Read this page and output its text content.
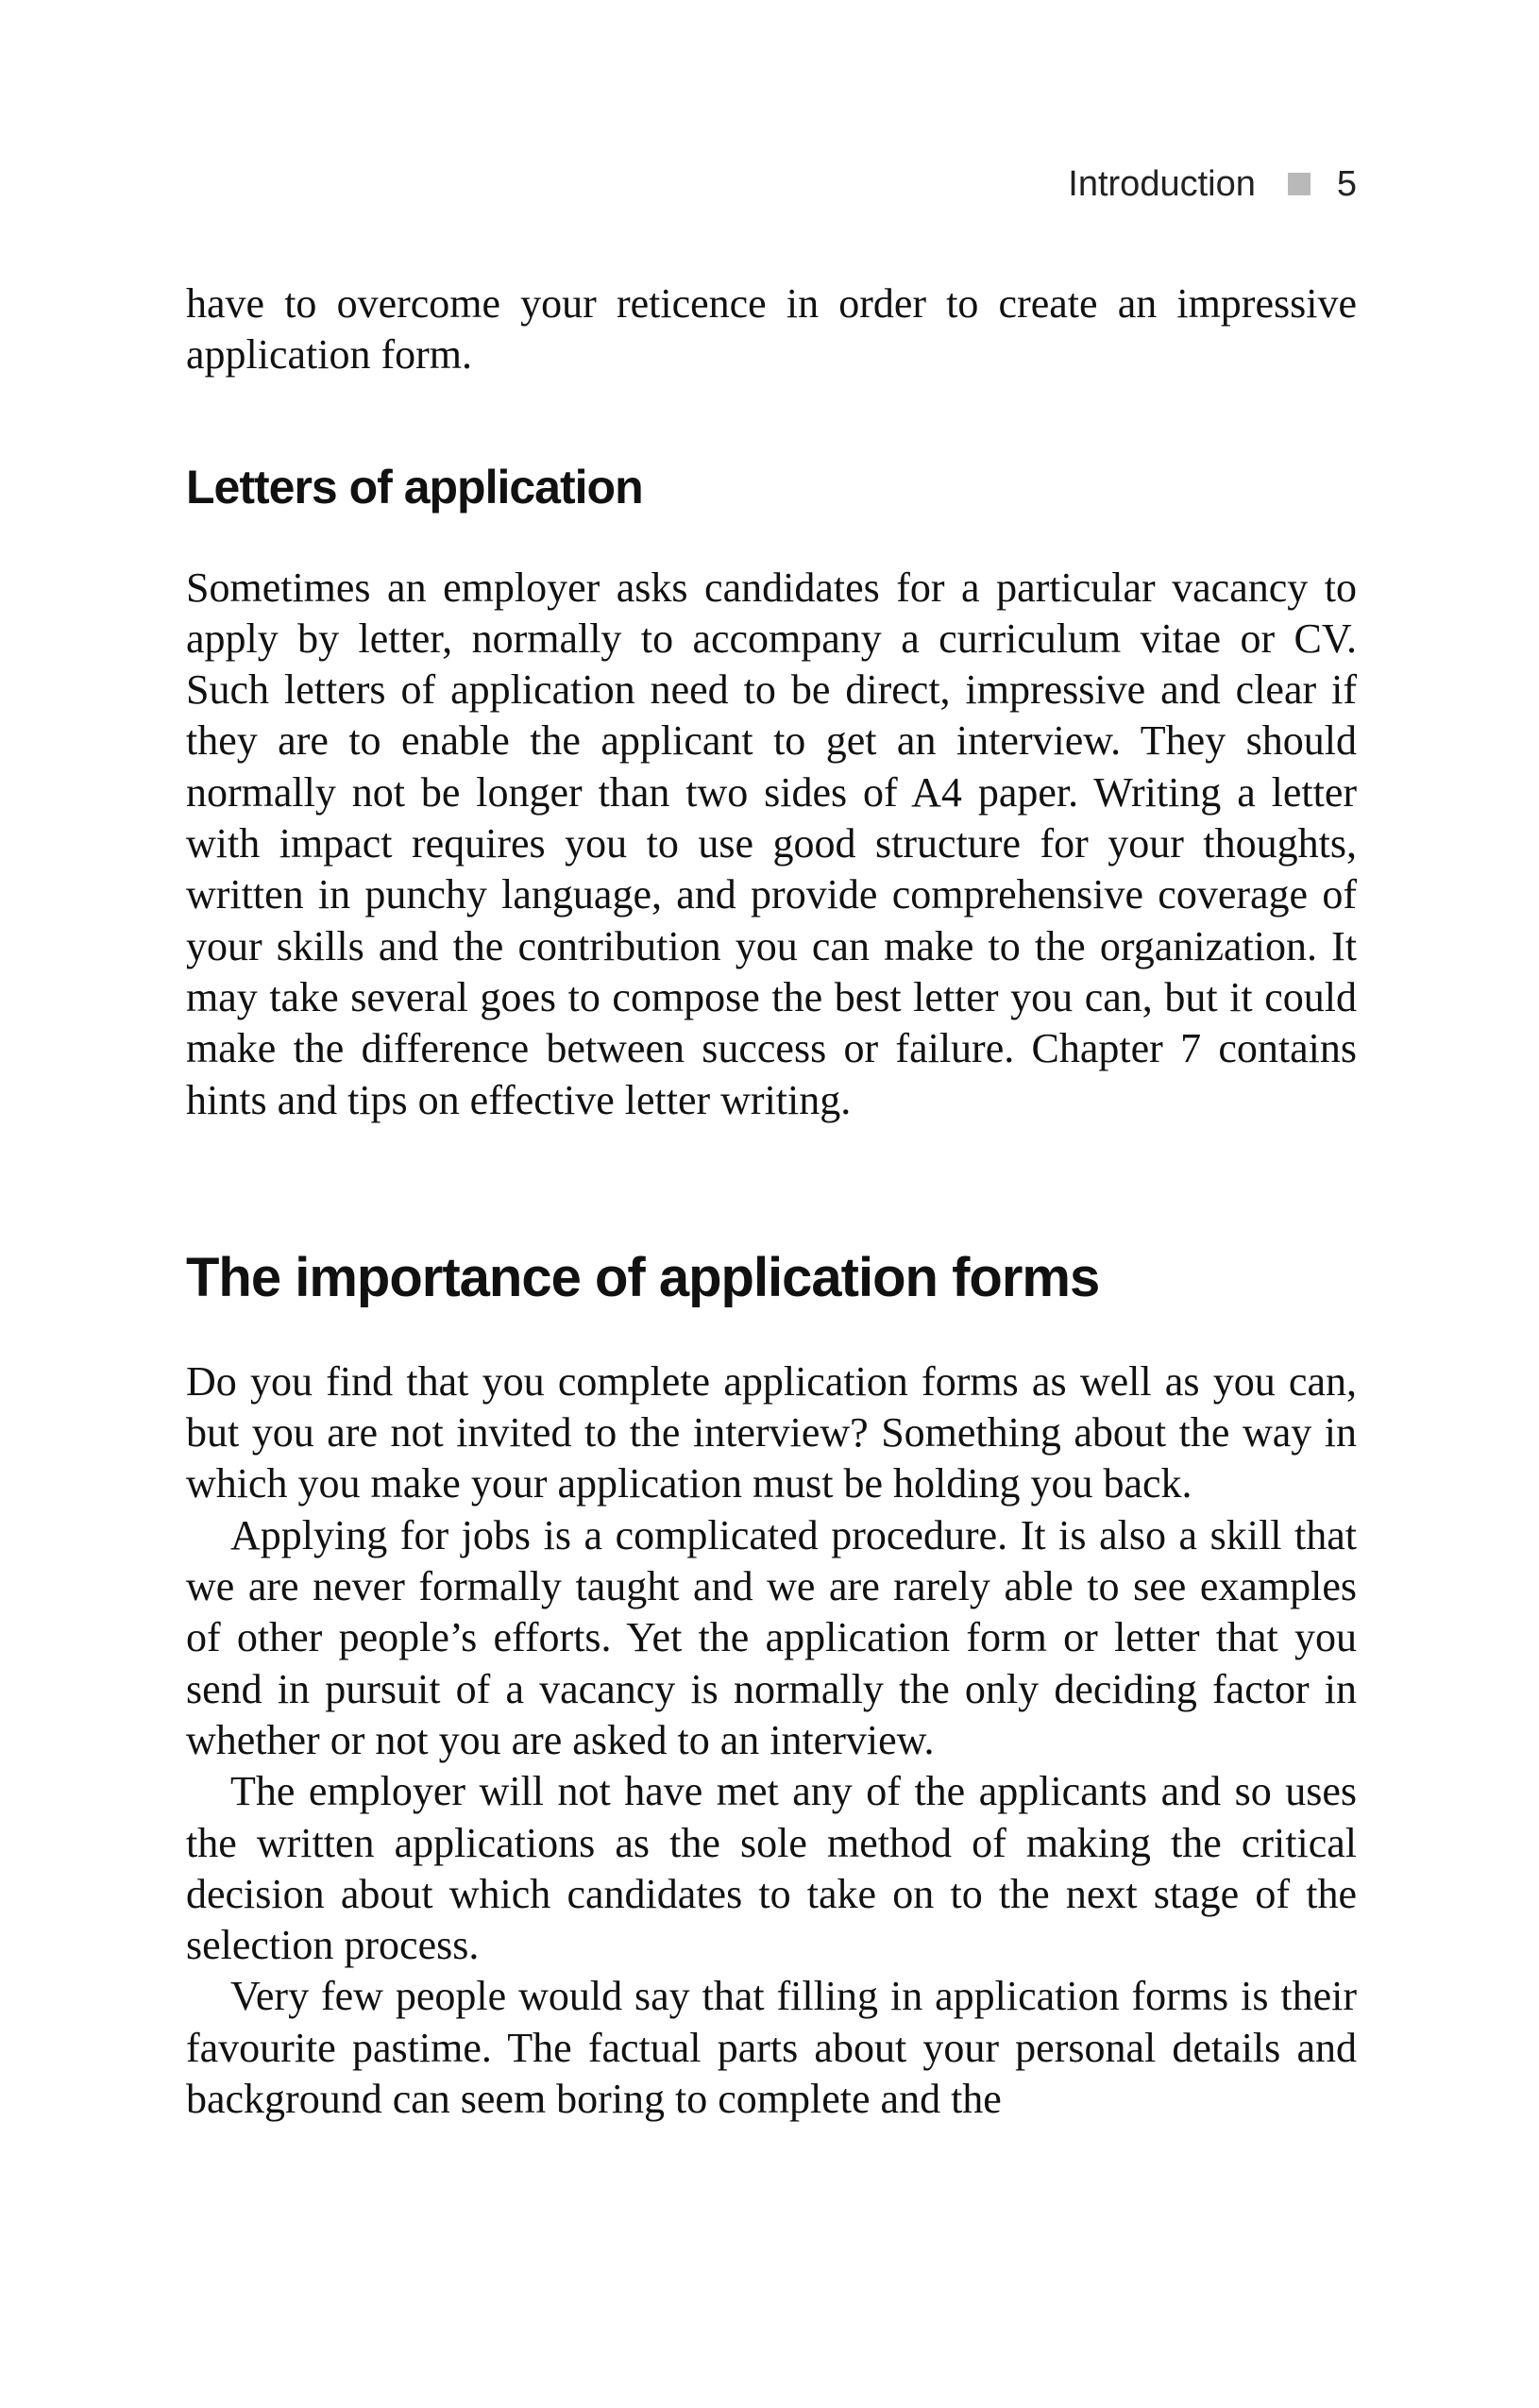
Introduction 5

have to overcome your reticence in order to create an impressive application form.

Letters of application

Sometimes an employer asks candidates for a particular vacancy to apply by letter, normally to accompany a curriculum vitae or CV. Such letters of application need to be direct, impressive and clear if they are to enable the applicant to get an interview. They should normally not be longer than two sides of A4 paper. Writing a letter with impact requires you to use good structure for your thoughts, written in punchy language, and provide comprehensive coverage of your skills and the contribution you can make to the organization. It may take several goes to compose the best letter you can, but it could make the difference between success or failure. Chapter 7 contains hints and tips on effective letter writing.

The importance of application forms

Do you find that you complete application forms as well as you can, but you are not invited to the interview? Something about the way in which you make your application must be holding you back.

Applying for jobs is a complicated procedure. It is also a skill that we are never formally taught and we are rarely able to see examples of other people’s efforts. Yet the application form or letter that you send in pursuit of a vacancy is normally the only deciding factor in whether or not you are asked to an interview.

The employer will not have met any of the applicants and so uses the written applications as the sole method of making the critical decision about which candidates to take on to the next stage of the selection process.

Very few people would say that filling in application forms is their favourite pastime. The factual parts about your personal details and background can seem boring to complete and the
